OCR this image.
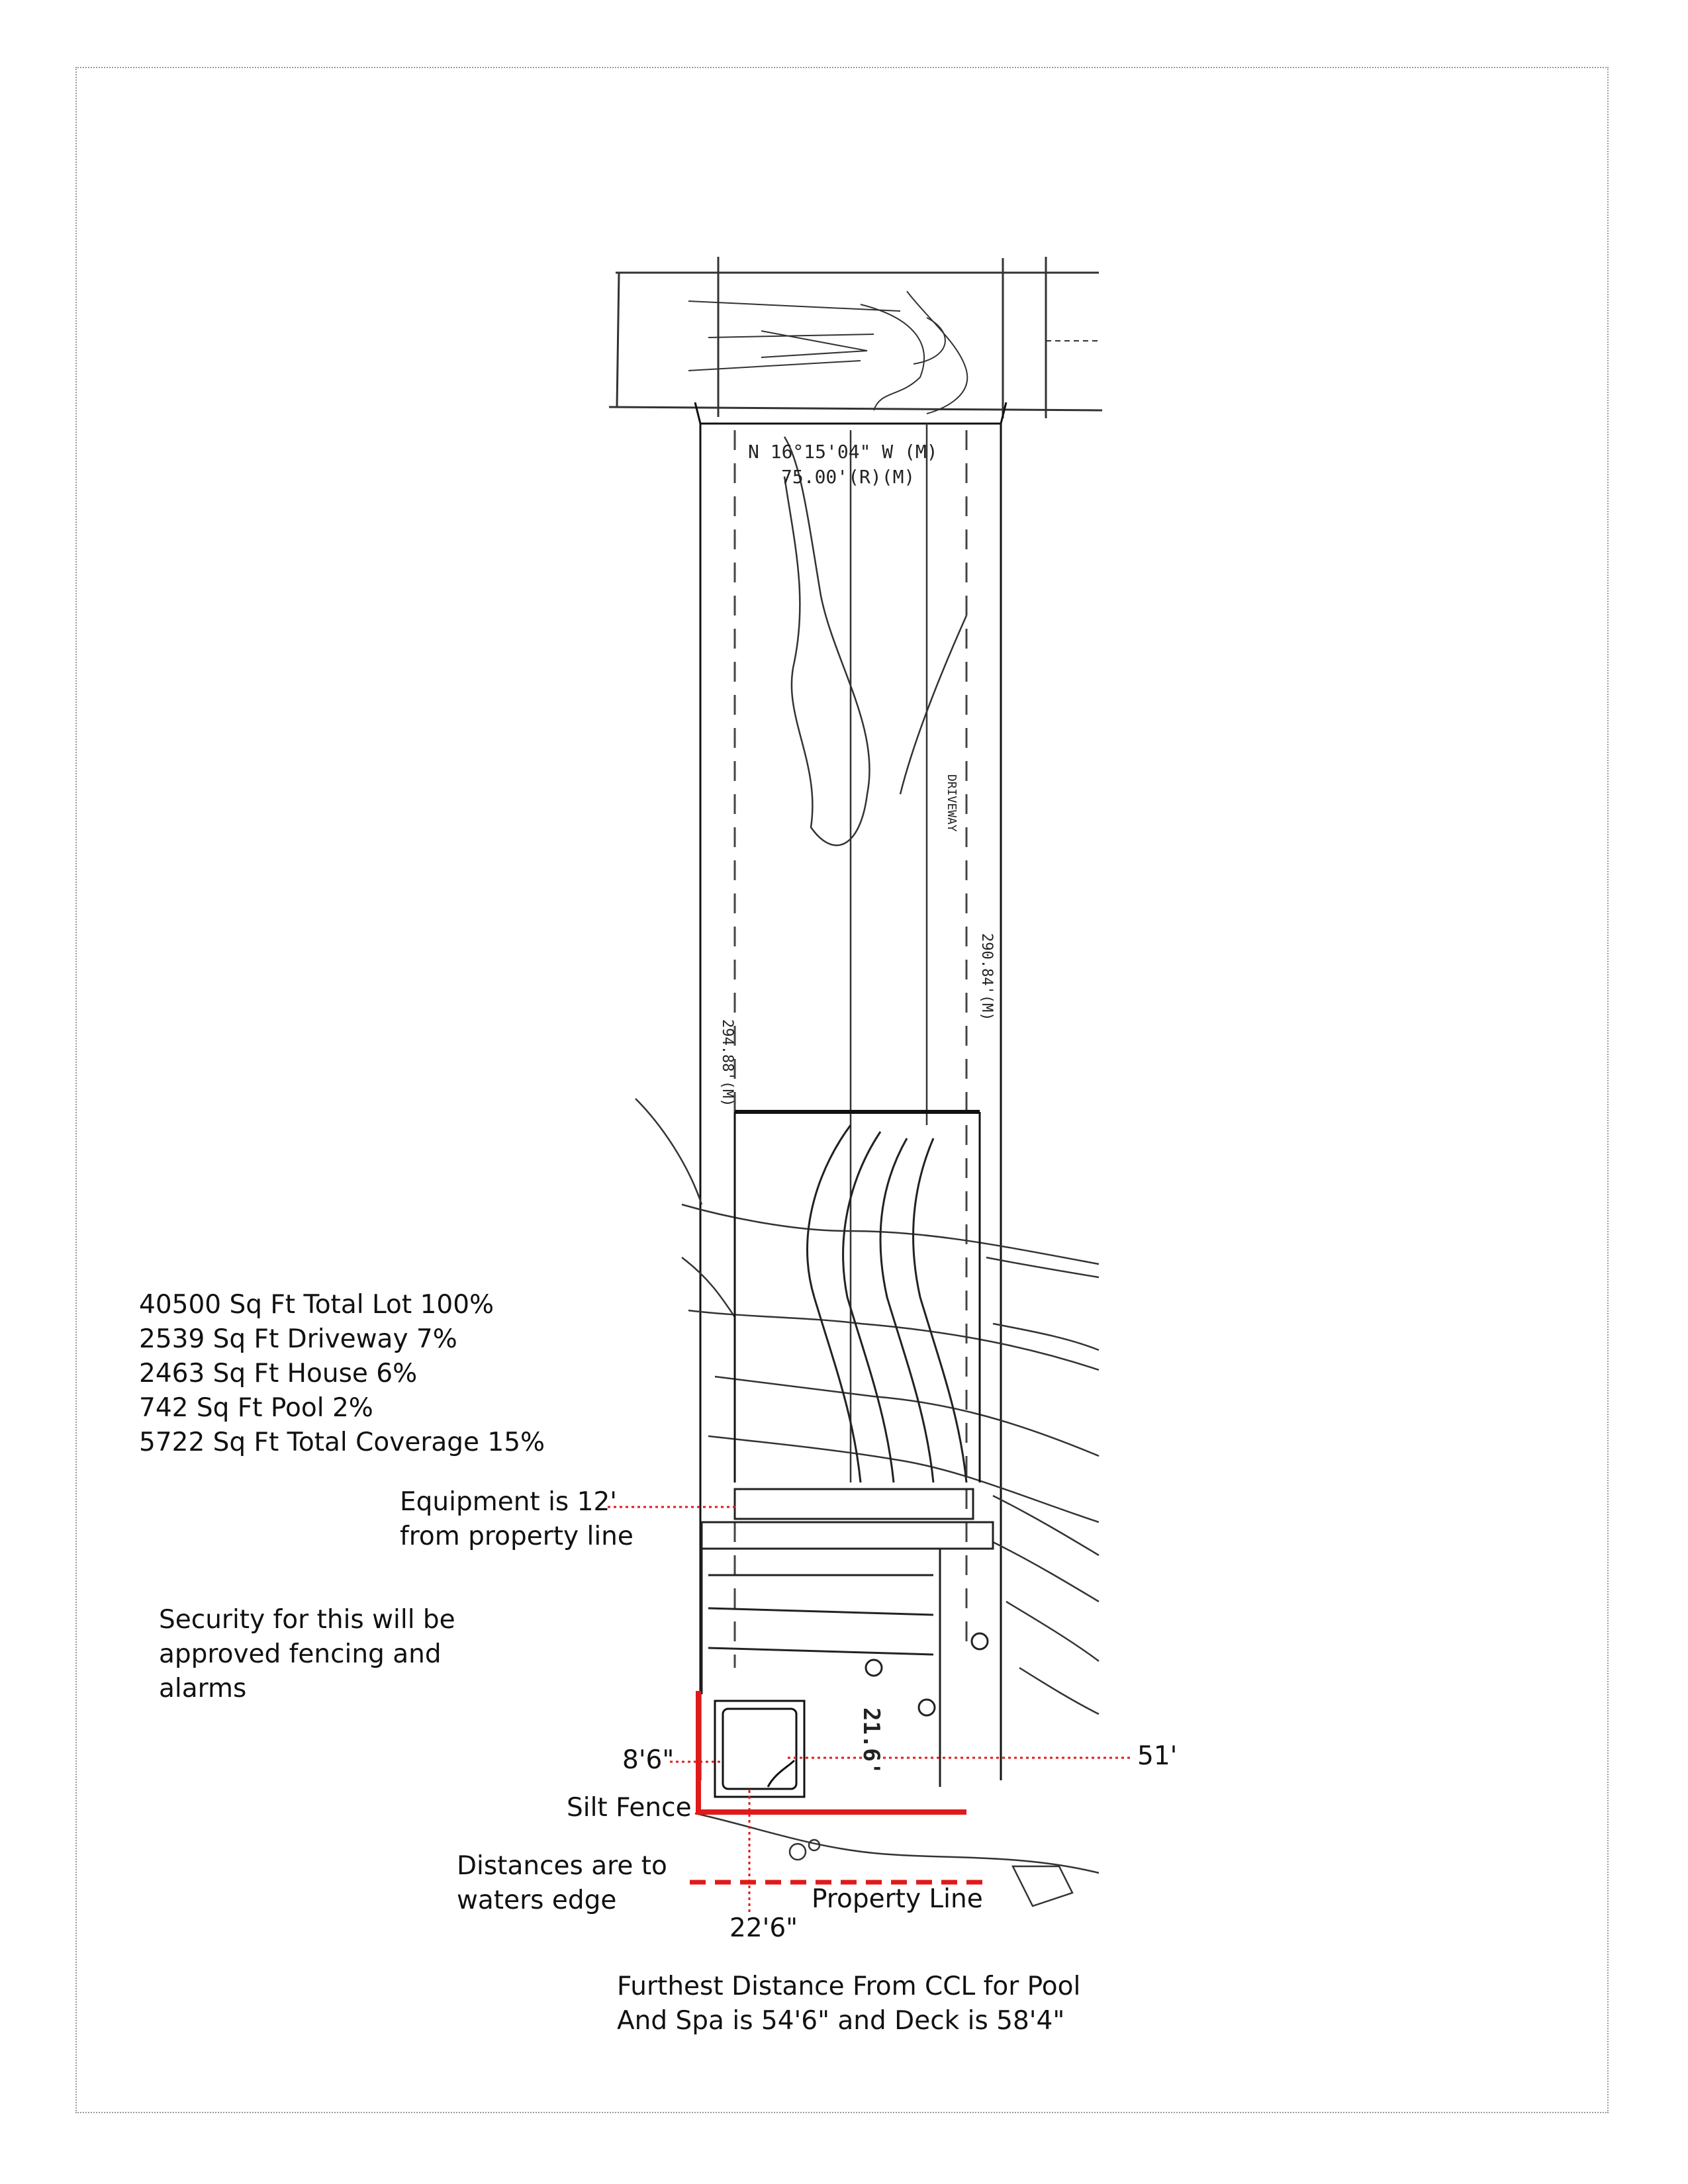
N 16°15'04" W (M)
75.00'(R)(M)
294.88'(M)
290.84'(M)
DRIVEWAY
21.6'
40500 Sq Ft Total Lot 100%
2539 Sq Ft Driveway 7%
2463 Sq Ft House 6%
742 Sq Ft Pool 2%
5722 Sq Ft Total Coverage 15%
Equipment is 12'
from property line
Security for this will be
approved fencing and
alarms
8'6"	51'
Silt Fence
Distances are to
waters edge	Property Line
22'6"
Furthest Distance From CCL for Pool
And Spa is 54'6" and Deck is 58'4"
